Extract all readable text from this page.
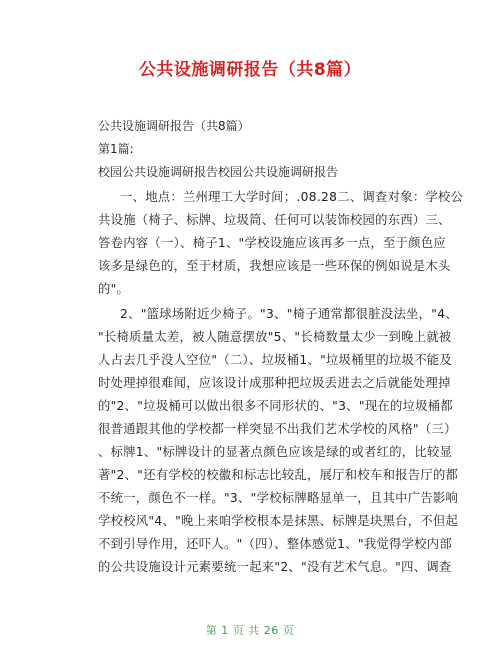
公共设施调研报告（共8篇）
公共设施调研报告（共8篇）
第1篇:
校园公共设施调研报告校园公共设施调研报告
一、地点：兰州理工大学时间；.08.28二、调查对象：学校公
共设施（椅子、标牌、垃圾筒、任何可以装饰校园的东西）三、
答卷内容（一）、椅子1、"学校设施应该再多一点，至于颜色应
该多是绿色的，至于材质，我想应该是一些环保的例如说是木头
的"。
2、"篮球场附近少椅子。"3、"椅子通常都很脏没法坐，"4、
"长椅质量太差，被人随意摆放"5、"长椅数量太少一到晚上就被
人占去几乎没人空位"（二）、垃圾桶1、"垃圾桶里的垃圾不能及
时处理掉很难闻，应该设计成那种把垃圾丢进去之后就能处理掉
的"2、"垃圾桶可以做出很多不同形状的、"3、"现在的垃圾桶都
很普通跟其他的学校都一样突显不出我们艺术学校的风格"（三）
、标牌1、"标牌设计的显著点颜色应该是绿的或者红的，比较显
著"2、"还有学校的校徽和标志比较乱，展厅和校车和报告厅的都
不统一，颜色不一样。"3、"学校标牌略显单一，且其中广告影响
学校校风"4、"晚上来咱学校根本是抹黑、标牌是块黑台，不但起
不到引导作用，还吓人。"（四）、整体感觉1、"我觉得学校内部
的公共设施设计元素要统一起来"2、"没有艺术气息。"四、调查
第 1 页 共 26 页
